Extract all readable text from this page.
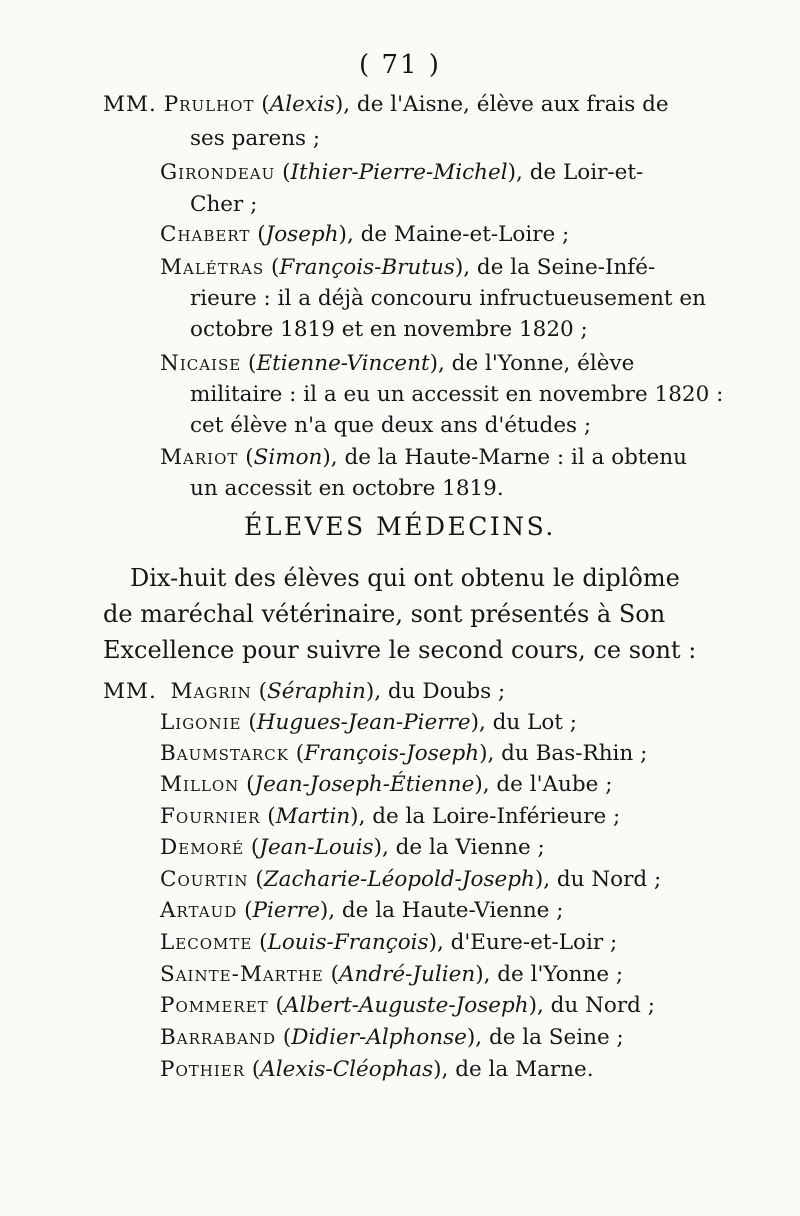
( 71 )
MM. Prulhot (Alexis), de l'Aisne, élève aux frais de
ses parens ;
Girondeau (Ithier-Pierre-Michel), de Loir-et-
Cher ;
Chabert (Joseph), de Maine-et-Loire ;
Malétras (François-Brutus), de la Seine-Infé-
rieure : il a déjà concouru infructueusement en
octobre 1819 et en novembre 1820 ;
Nicaise (Etienne-Vincent), de l'Yonne, élève
militaire : il a eu un accessit en novembre 1820 :
cet élève n'a que deux ans d'études ;
Mariot (Simon), de la Haute-Marne : il a obtenu
un accessit en octobre 1819.
ÉLEVES MÉDECINS.
Dix-huit des élèves qui ont obtenu le diplôme
de maréchal vétérinaire, sont présentés à Son
Excellence pour suivre le second cours, ce sont :
MM. Magrin (Séraphin), du Doubs ;
Ligonie (Hugues-Jean-Pierre), du Lot ;
Baumstarck (François-Joseph), du Bas-Rhin ;
Millon (Jean-Joseph-Étienne), de l'Aube ;
Fournier (Martin), de la Loire-Inférieure ;
Demoré (Jean-Louis), de la Vienne ;
Courtin (Zacharie-Léopold-Joseph), du Nord ;
Artaud (Pierre), de la Haute-Vienne ;
Lecomte (Louis-François), d'Eure-et-Loir ;
Sainte-Marthe (André-Julien), de l'Yonne ;
Pommeret (Albert-Auguste-Joseph), du Nord ;
Barraband (Didier-Alphonse), de la Seine ;
Pothier (Alexis-Cléophas), de la Marne.
